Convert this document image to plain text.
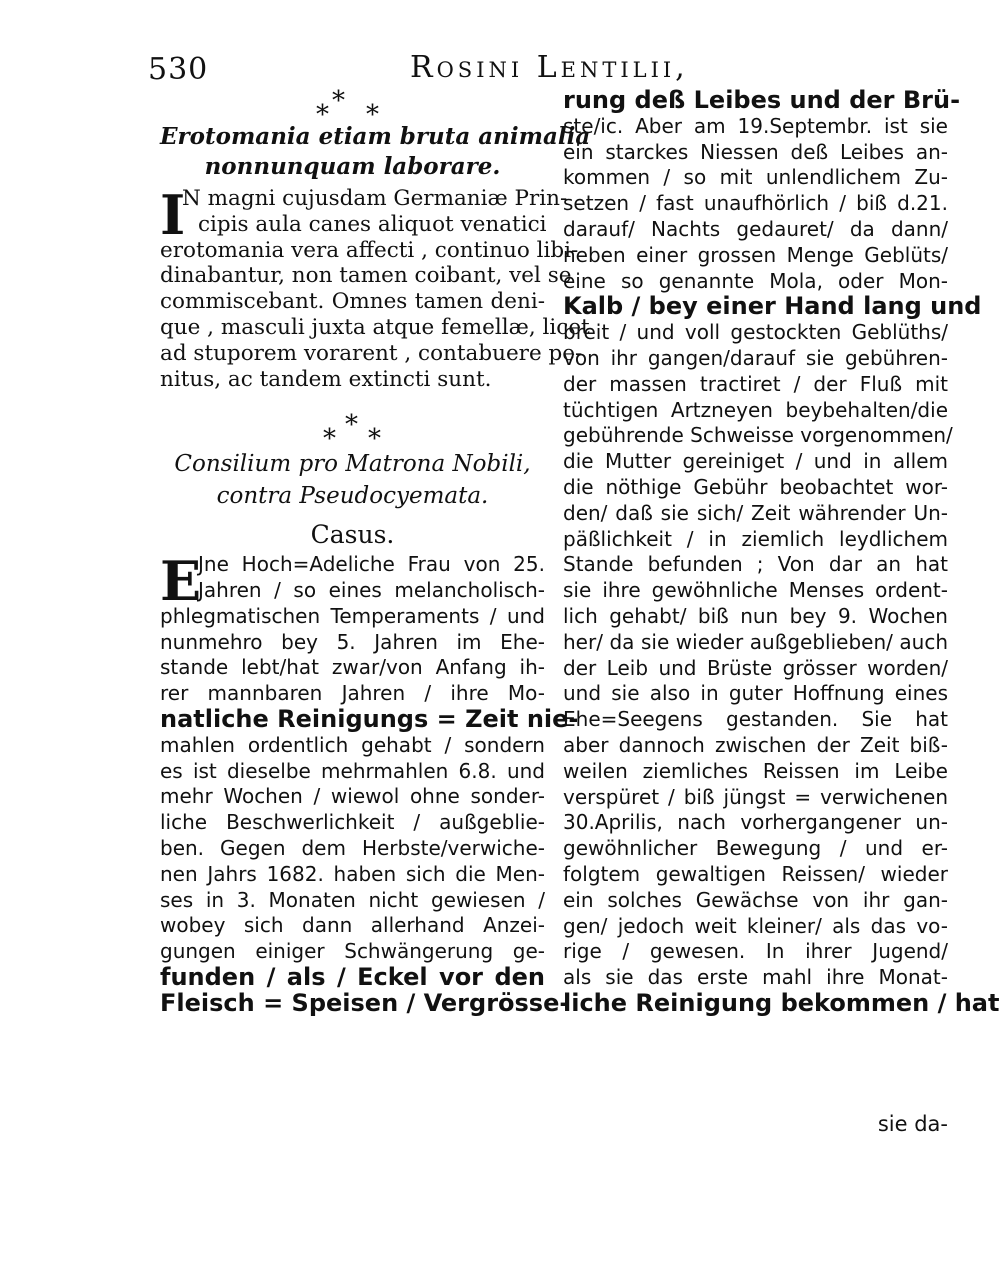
530	Rosini Lentilii,
*
* *
Erotomania etiam bruta animalia
nonnunquam laborare.
I
N magni cujusdam Germaniæ Prin-
cipis aula canes aliquot venatici
erotomania vera affecti , continuo libi-
dinabantur, non tamen coibant, vel se
commiscebant. Omnes tamen deni-
que , masculi juxta atque femellæ, licet
ad stuporem vorarent , contabuere pe-
nitus, ac tandem extincti sunt.
*
* *
Consilium pro Matrona Nobili,
contra Pseudocyemata.
Casus.
E
Jne Hoch=Adeliche Frau von 25.
Jahren / so eines melancholisch-
phlegmatischen Temperaments / und
nunmehro bey 5. Jahren im Ehe-
stande lebt/hat zwar/von Anfang ih-
rer mannbaren Jahren / ihre Mo-
natliche Reinigungs = Zeit nie-
mahlen ordentlich gehabt / sondern
es ist dieselbe mehrmahlen 6.8. und
mehr Wochen / wiewol ohne sonder-
liche Beschwerlichkeit / außgeblie-
ben. Gegen dem Herbste/verwiche-
nen Jahrs 1682. haben sich die Men-
ses in 3. Monaten nicht gewiesen /
wobey sich dann allerhand Anzei-
gungen einiger Schwängerung ge-
funden / als / Eckel vor den
Fleisch = Speisen / Vergrösse-
rung deß Leibes und der Brü-
ste/ic. Aber am 19.Septembr. ist sie
ein starckes Niessen deß Leibes an-
kommen / so mit unlendlichem Zu-
setzen / fast unaufhörlich / biß d.21.
darauf/ Nachts gedauret/ da dann/
neben einer grossen Menge Geblüts/
eine so genannte Mola, oder Mon-
Kalb / bey einer Hand lang und
breit / und voll gestockten Geblüths/
von ihr gangen/darauf sie gebühren-
der massen tractiret / der Fluß mit
tüchtigen Artzneyen beybehalten/die
gebührende Schweisse vorgenommen/
die Mutter gereiniget / und in allem
die nöthige Gebühr beobachtet wor-
den/ daß sie sich/ Zeit währender Un-
päßlichkeit / in ziemlich leydlichem
Stande befunden ; Von dar an hat
sie ihre gewöhnliche Menses ordent-
lich gehabt/ biß nun bey 9. Wochen
her/ da sie wieder außgeblieben/ auch
der Leib und Brüste grösser worden/
und sie also in guter Hoffnung eines
Ehe=Seegens gestanden. Sie hat
aber dannoch zwischen der Zeit biß-
weilen ziemliches Reissen im Leibe
verspüret / biß jüngst = verwichenen
30.Aprilis, nach vorhergangener un-
gewöhnlicher Bewegung / und er-
folgtem gewaltigen Reissen/ wieder
ein solches Gewächse von ihr gan-
gen/ jedoch weit kleiner/ als das vo-
rige / gewesen. In ihrer Jugend/
als sie das erste mahl ihre Monat-
liche Reinigung bekommen / hat
sie da-
